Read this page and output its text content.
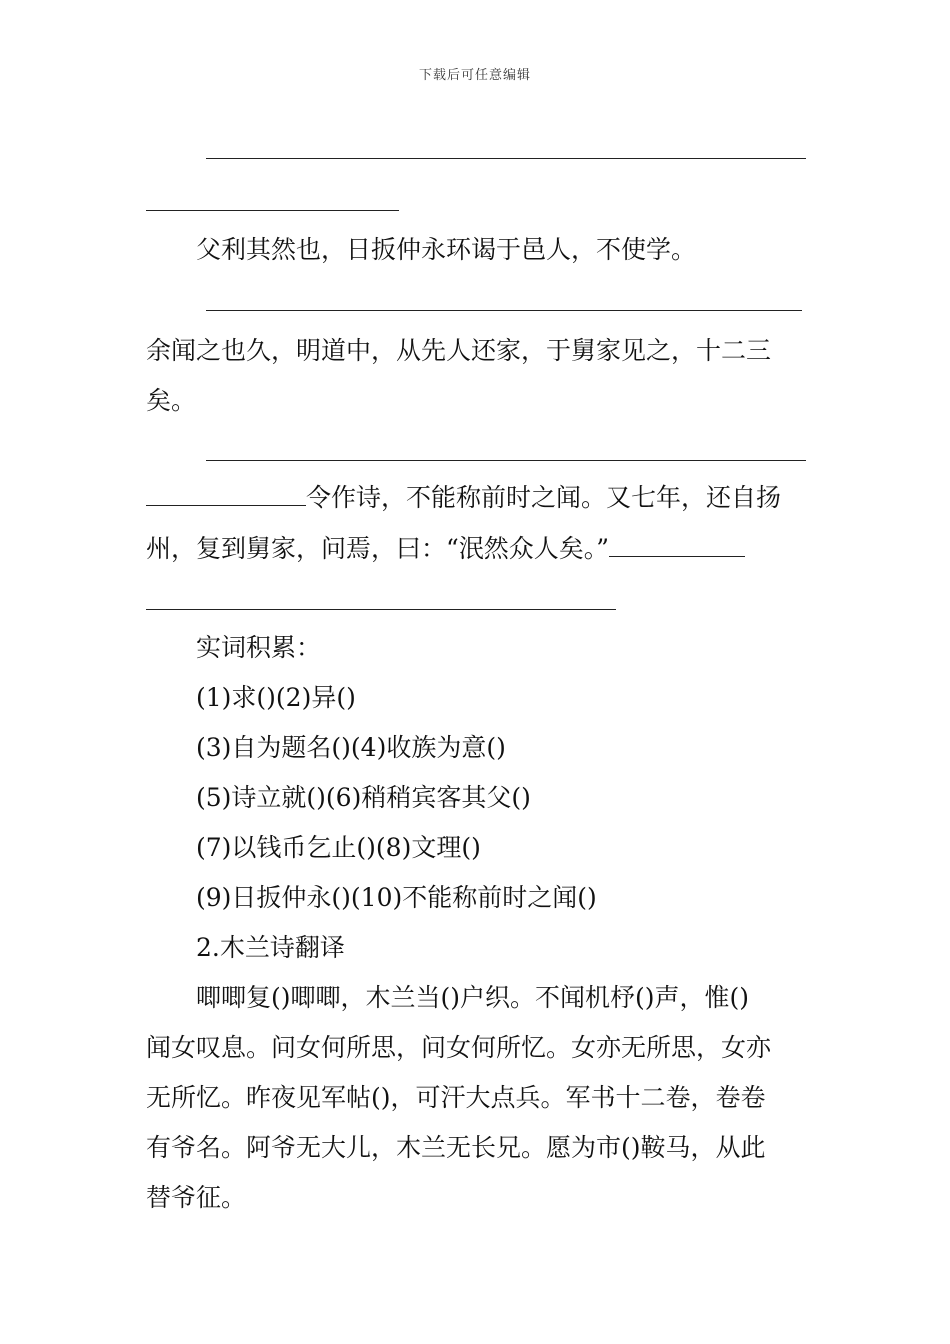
下载后可任意编辑
父利其然也，日扳仲永环谒于邑人，不使学。
余闻之也久，明道中，从先人还家，于舅家见之，十二三
矣。
令作诗，不能称前时之闻。又七年，还自扬
州，复到舅家，问焉，曰：“泯然众人矣。”
实词积累：
(1)求()(2)异()
(3)自为题名()(4)收族为意()
(5)诗立就()(6)稍稍宾客其父()
(7)以钱币乞止()(8)文理()
(9)日扳仲永()(10)不能称前时之闻()
2.木兰诗翻译
唧唧复()唧唧，木兰当()户织。不闻机杼()声，惟()
闻女叹息。问女何所思，问女何所忆。女亦无所思，女亦
无所忆。昨夜见军帖()，可汗大点兵。军书十二卷，卷卷
有爷名。阿爷无大儿，木兰无长兄。愿为市()鞍马，从此
替爷征。
